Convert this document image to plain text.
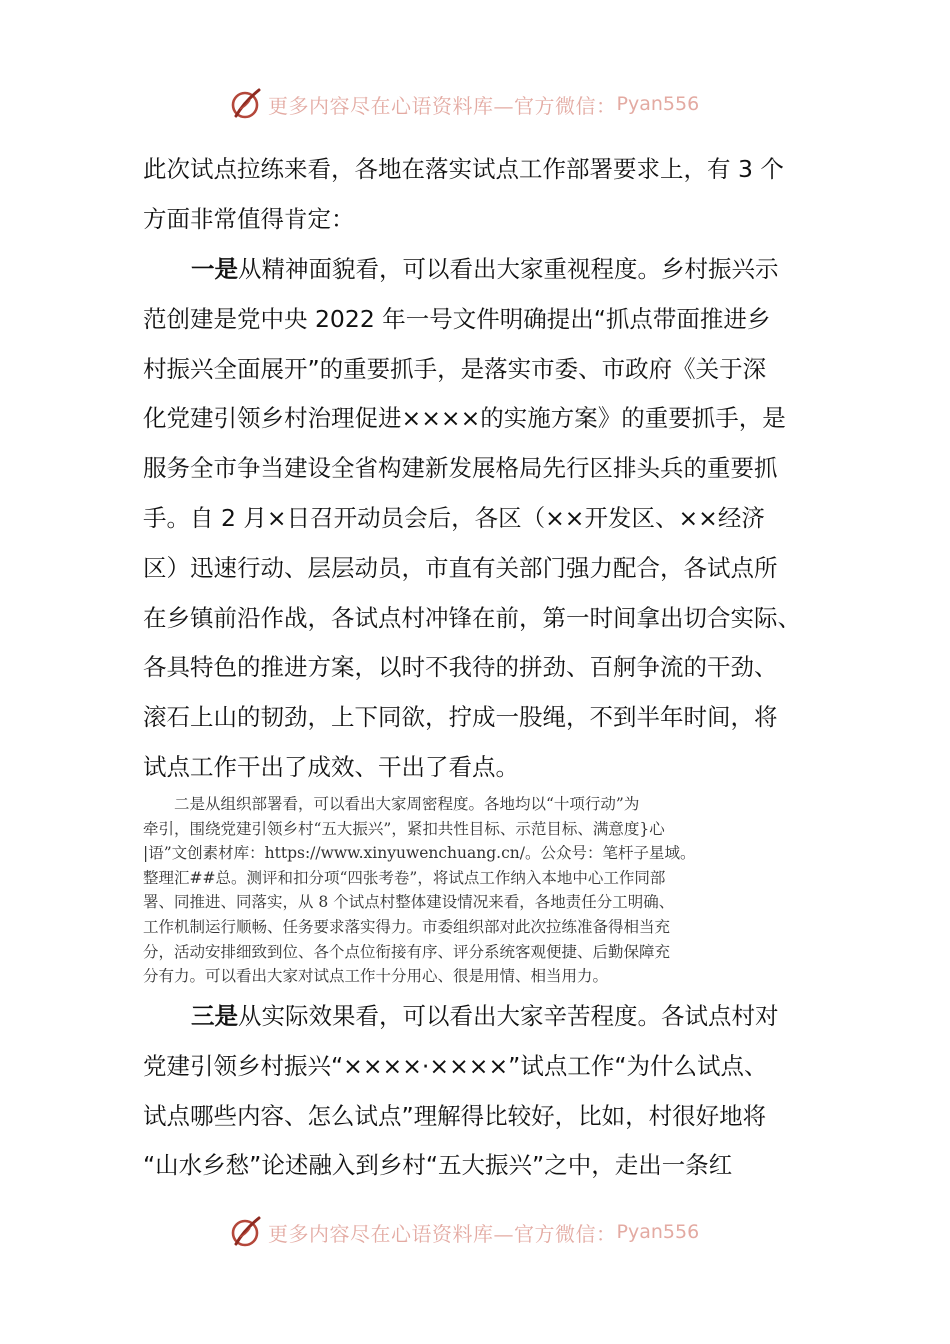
更多内容尽在心语资料库—官方微信： Pyan556

此次试点拉练来看，各地在落实试点工作部署要求上，有 3 个
方面非常值得肯定：

一是从精神面貌看，可以看出大家重视程度。乡村振兴示
范创建是党中央 2022 年一号文件明确提出“抓点带面推进乡
村振兴全面展开”的重要抓手，是落实市委、市政府《关于深
化党建引领乡村治理促进××××的实施方案》的重要抓手，是
服务全市争当建设全省构建新发展格局先行区排头兵的重要抓
手。自 2 月×日召开动员会后，各区（××开发区、××经济
区）迅速行动、层层动员，市直有关部门强力配合，各试点所
在乡镇前沿作战，各试点村冲锋在前，第一时间拿出切合实际、
各具特色的推进方案，以时不我待的拼劲、百舸争流的干劲、
滚石上山的韧劲，上下同欲，拧成一股绳，不到半年时间，将
试点工作干出了成效、干出了看点。

　　二是从组织部署看，可以看出大家周密程度。各地均以“十项行动”为
牵引，围绕党建引领乡村“五大振兴”，紧扣共性目标、示范目标、满意度}心
|语”文创素材库：https://www.xinyuwenchuang.cn/。公众号：笔杆子星域。
整理汇##总。测评和扣分项“四张考卷”，将试点工作纳入本地中心工作同部
署、同推进、同落实，从 8 个试点村整体建设情况来看，各地责任分工明确、
工作机制运行顺畅、任务要求落实得力。市委组织部对此次拉练准备得相当充
分，活动安排细致到位、各个点位衔接有序、评分系统客观便捷、后勤保障充
分有力。可以看出大家对试点工作十分用心、很是用情、相当用力。

三是从实际效果看，可以看出大家辛苦程度。各试点村对
党建引领乡村振兴“××××·××××”试点工作“为什么试点、
试点哪些内容、怎么试点”理解得比较好，比如，村很好地将
“山水乡愁”论述融入到乡村“五大振兴”之中，走出一条红

更多内容尽在心语资料库—官方微信： Pyan556
